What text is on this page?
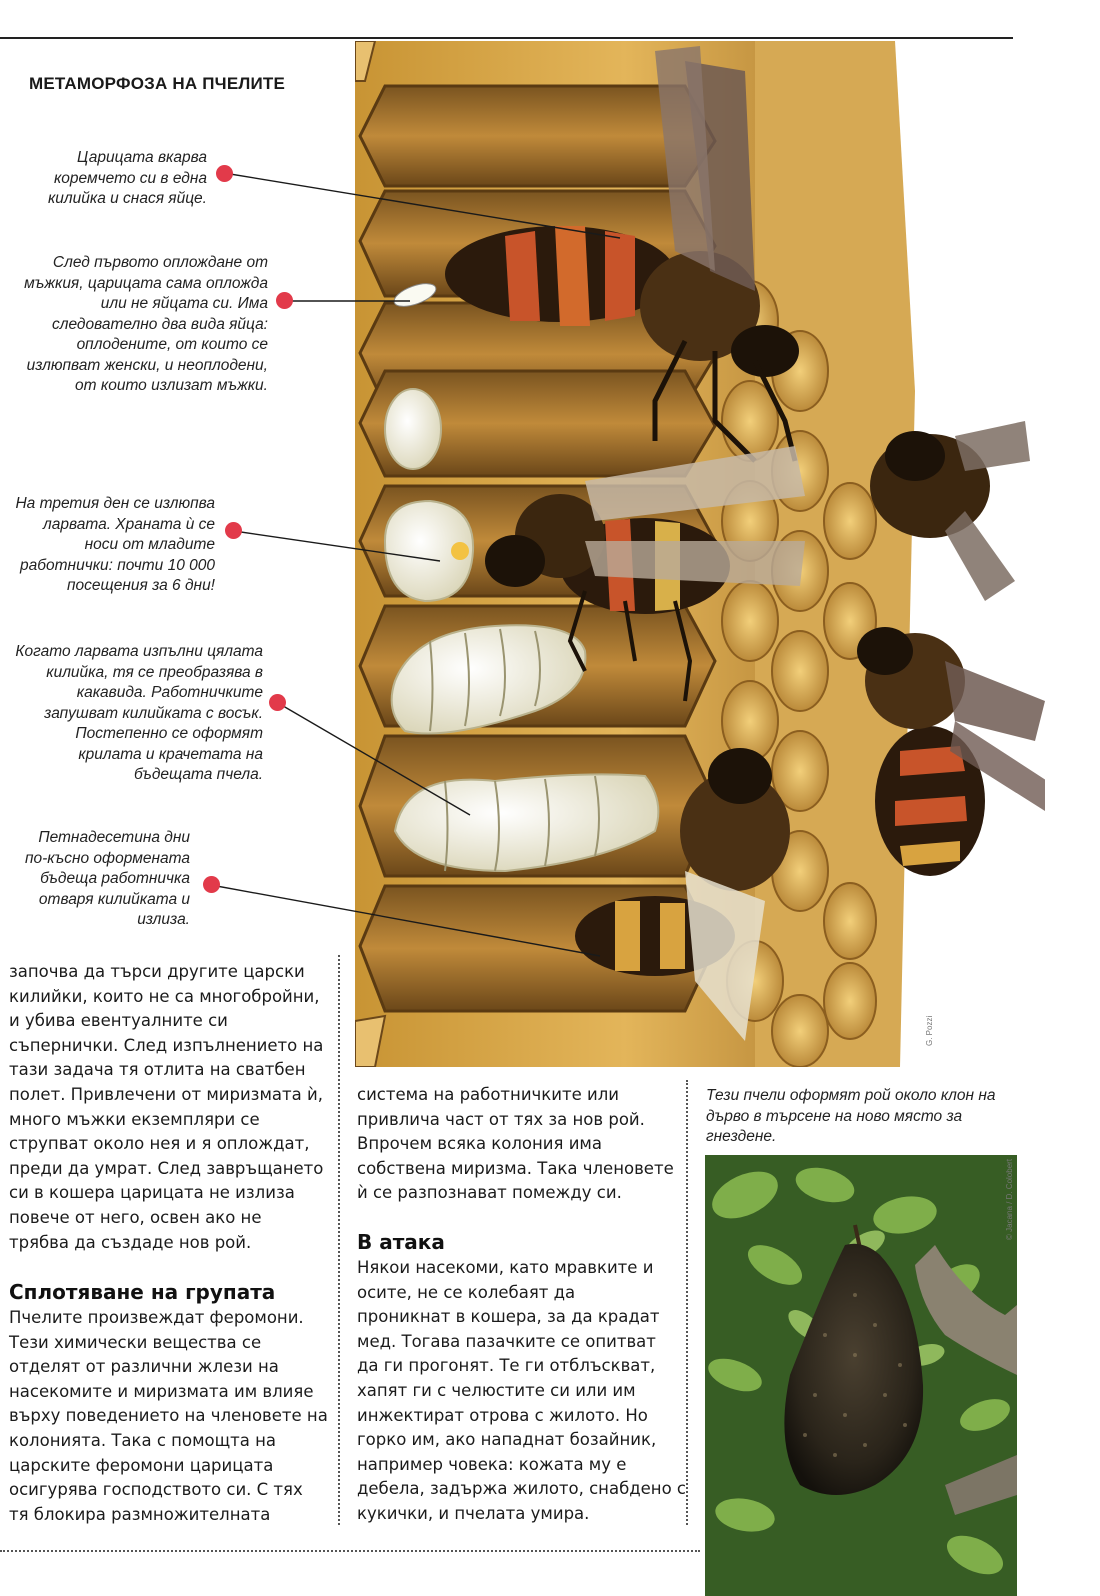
МЕТАМОРФОЗА НА ПЧЕЛИТЕ
G. Pozzi
Царицата вкарва
коремчето си в една
килийка и снася яйце.
След първото оплождане от
мъжкия, царицата сама опложда
или не яйцата си. Има
следователно два вида яйца:
оплодените, от които се
излюпват женски, и неоплодени,
от които излизат мъжки.
На третия ден се излюпва
ларвата. Храната ѝ се
носи от младите
работнички: почти 10 000
посещения за 6 дни!
Когато ларвата изпълни цялата
килийка, тя се преобразява в
какавида. Работничките
запушват килийката с восък.
Постепенно се оформят
крилата и крачетата на
бъдещата пчела.
Петнадесетина дни
по-късно оформената
бъдеща работничка
отваря килийката и
излиза.
започва да търси другите царски
килийки, които не са многобройни,
и убива евентуалните си
съпернички. След изпълнението на
тази задача тя отлита на сватбен
полет. Привлечени от миризмата ѝ,
много мъжки екземпляри се
струпват около нея и я оплождат,
преди да умрат. След завръщането
си в кошера царицата не излиза
повече от него, освен ако не
трябва да създаде нов рой.
Сплотяване на групата
Пчелите произвеждат феромони.
Тези химически вещества се
отделят от различни жлези на
насекомите и миризмата им влияе
върху поведението на членовете на
колонията. Така с помощта на
царските феромони царицата
осигурява господството си. С тях
тя блокира размножителната
система на работничките или
привлича част от тях за нов рой.
Впрочем всяка колония има
собствена миризма. Така членовете
ѝ се разпознават помежду си.
В атака
Някои насекоми, като мравките и
осите, не се колебаят да
проникнат в кошера, за да крадат
мед. Тогава пазачките се опитват
да ги прогонят. Те ги отблъскват,
хапят ги с челюстите си или им
инжектират отрова с жилото. Но
горко им, ако нападнат бозайник,
например човека: кожата му е
дебела, задържа жилото, снабдено с
кукички, и пчелата умира.
Тези пчели оформят рой около клон на
дърво в търсене на ново място за
гнездене.
© Jacana / D. Colobert
